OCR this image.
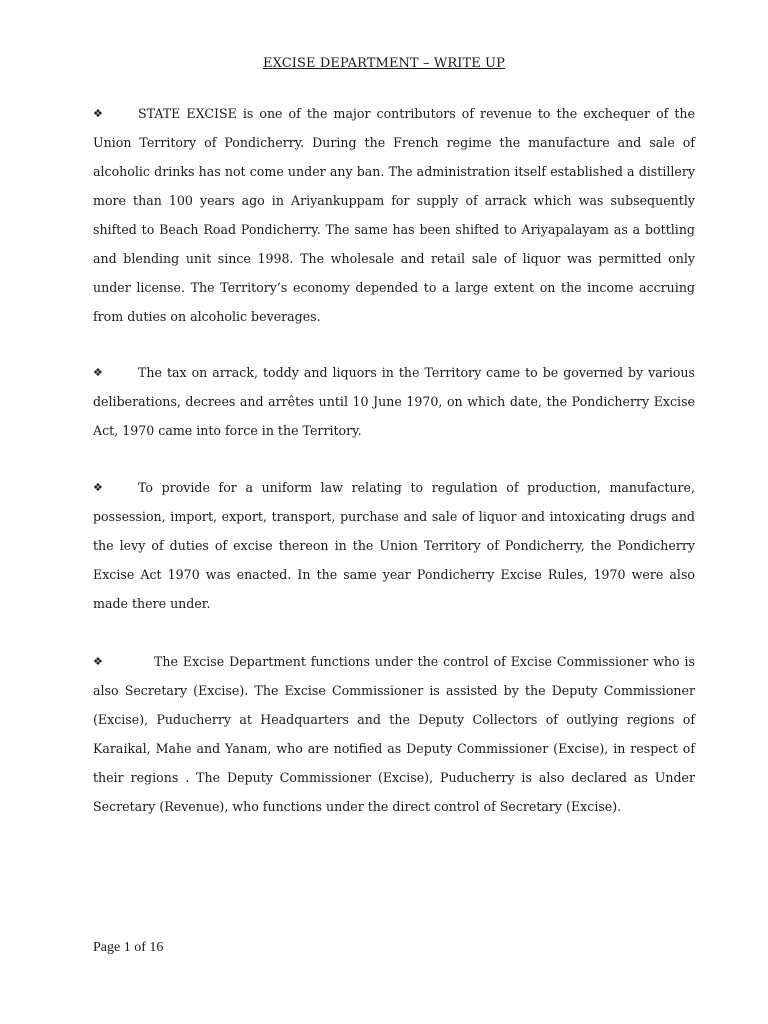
EXCISE DEPARTMENT – WRITE UP

❖	STATE EXCISE is one of the major contributors of revenue to the exchequer of the Union Territory of Pondicherry. During the French regime the manufacture and sale of alcoholic drinks has not come under any ban. The administration itself established a distillery more than 100 years ago in Ariyankuppam for supply of arrack which was subsequently shifted to Beach Road Pondicherry. The same has been shifted to Ariyapalayam as a bottling and blending unit since 1998. The wholesale and retail sale of liquor was permitted only under license. The Territory’s economy depended to a large extent on the income accruing from duties on alcoholic beverages.

❖	The tax on arrack, toddy and liquors in the Territory came to be governed by various deliberations, decrees and arrêtes until 10 June 1970, on which date, the Pondicherry Excise Act, 1970 came into force in the Territory.

❖	To provide for a uniform law relating to regulation of production, manufacture, possession, import, export, transport, purchase and sale of liquor and intoxicating drugs and the levy of duties of excise thereon in the Union Territory of Pondicherry, the Pondicherry Excise Act 1970 was enacted. In the same year Pondicherry Excise Rules, 1970 were also made there under.

❖	The Excise Department functions under the control of Excise Commissioner who is also Secretary (Excise). The Excise Commissioner is assisted by the Deputy Commissioner (Excise), Puducherry at Headquarters and the Deputy Collectors of outlying regions of Karaikal, Mahe and Yanam, who are notified as Deputy Commissioner (Excise), in respect of their regions . The Deputy Commissioner (Excise), Puducherry is also declared as Under Secretary (Revenue), who functions under the direct control of Secretary (Excise).

Page 1 of 16
